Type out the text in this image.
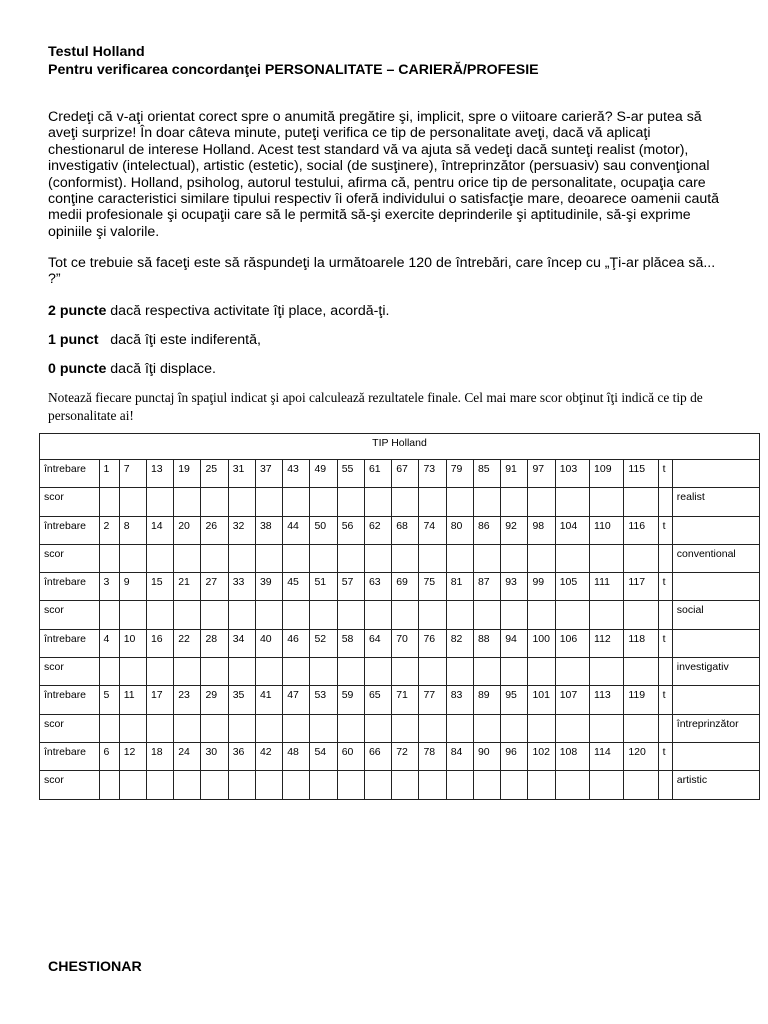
Testul Holland
Pentru verificarea concordanţei PERSONALITATE – CARIERĂ/PROFESIE
Credeţi că v-aţi orientat corect spre o anumită pregătire şi, implicit, spre o viitoare carieră? S-ar putea să aveţi surprize! În doar câteva minute, puteţi verifica ce tip de personalitate aveţi, dacă vă aplicaţi chestionarul de interese Holland. Acest test standard vă va ajuta să vedeţi dacă sunteţi realist (motor), investigativ (intelectual), artistic (estetic), social (de susţinere), întreprinzător (persuasiv) sau convenţional (conformist). Holland, psiholog, autorul testului, afirma că, pentru orice tip de personalitate, ocupaţia care conţine caracteristici similare tipului respectiv îi oferă individului o satisfacţie mare, deoarece oamenii caută medii profesionale şi ocupaţii care să le permită să-şi exercite deprinderile şi aptitudinile, să-şi exprime opiniile şi valorile.
Tot ce trebuie să faceţi este să răspundeţi la următoarele 120 de întrebări, care încep cu „Ţi-ar plăcea să... ?”
2 puncte dacă respectiva activitate îţi place, acordă-ţi.
1 punct   dacă îţi este indiferentă,
0 puncte dacă îţi displace.
Notează fiecare punctaj în spaţiul indicat şi apoi calculează rezultatele finale. Cel mai mare scor obţinut îţi indică ce tip de personalitate ai!
TIP Holland																						
întrebare	1	7	13	19	25	31	37	43	49	55	61	67	73	79	85	91	97	103	109	115	t	
scor																						realist
întrebare	2	8	14	20	26	32	38	44	50	56	62	68	74	80	86	92	98	104	110	116	t	
scor																						conventional
întrebare	3	9	15	21	27	33	39	45	51	57	63	69	75	81	87	93	99	105	111	117	t	
scor																						social
întrebare	4	10	16	22	28	34	40	46	52	58	64	70	76	82	88	94	100	106	112	118	t	
scor																						investigativ
întrebare	5	11	17	23	29	35	41	47	53	59	65	71	77	83	89	95	101	107	113	119	t	
scor																						întreprinzător
întrebare	6	12	18	24	30	36	42	48	54	60	66	72	78	84	90	96	102	108	114	120	t	
scor																						artistic
CHESTIONAR
